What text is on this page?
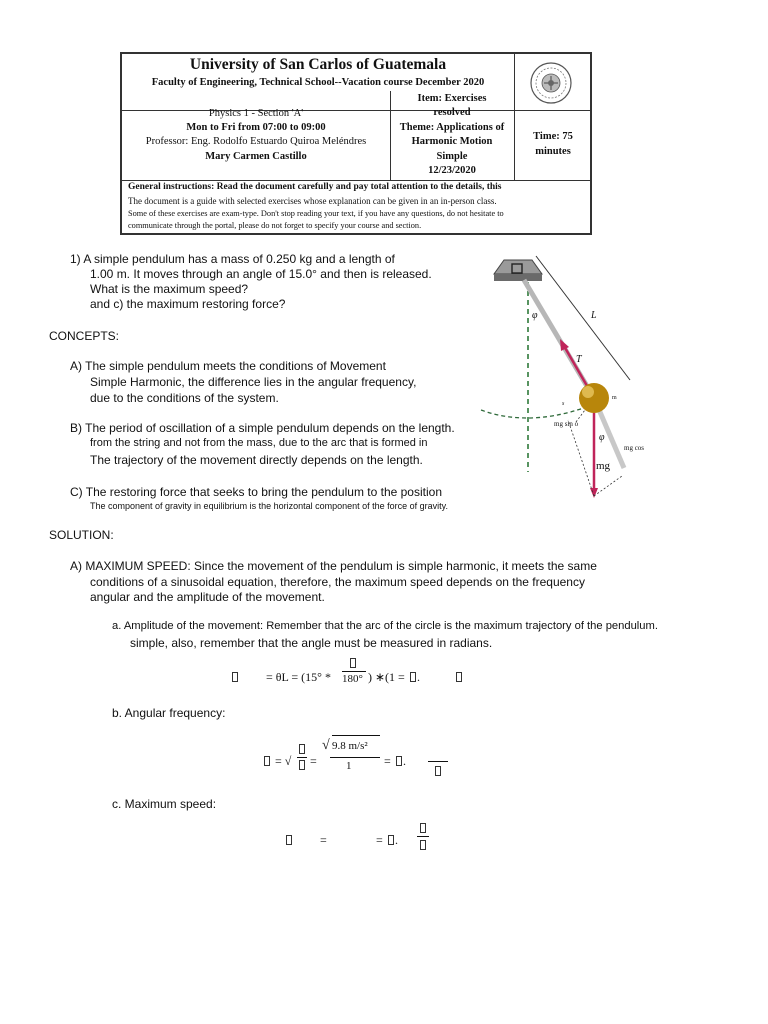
University of San Carlos of Guatemala
Faculty of Engineering, Technical School--Vacation course December 2020
Physics 1 - Section 'A'
Mon to Fri from 07:00 to 09:00
Professor: Eng. Rodolfo Estuardo Quiroa Meléndres
Mary Carmen Castillo
Item: Exercises
resolved
Theme: Applications of
Harmonic Motion
Simple
12/23/2020
Time: 75
minutes
General instructions: Read the document carefully and pay total attention to the details, this
The document is a guide with selected exercises whose explanation can be given in an in-person class.
Some of these exercises are exam-type. Don't stop reading your text, if you have any questions, do not hesitate to
communicate through the portal, please do not forget to specify your course and section.
1) A simple pendulum has a mass of 0.250 kg and a length of
1.00 m. It moves through an angle of 15.0° and then is released.
What is the maximum speed?
and c) the maximum restoring force?
CONCEPTS:
A) The simple pendulum meets the conditions of Movement
Simple Harmonic, the difference lies in the angular frequency,
due to the conditions of the system.
B) The period of oscillation of a simple pendulum depends on the length.
from the string and not from the mass, due to the arc that is formed in
The trajectory of the movement directly depends on the length.
C) The restoring force that seeks to bring the pendulum to the position
The component of gravity in equilibrium is the horizontal component of the force of gravity.
L
T
φ
φ
mg sin o
mg cos
mg
m
s
SOLUTION:
A) MAXIMUM SPEED: Since the movement of the pendulum is simple harmonic, it meets the same
conditions of a sinusoidal equation, therefore, the maximum speed depends on the frequency
angular and the amplitude of the movement.
a. Amplitude of the movement: Remember that the arc of the circle is the maximum trajectory of the pendulum.
simple, also, remember that the angle must be measured in radians.
= θL = (15° * 180° ) ∗(1 = .
b. Angular frequency:
= √ =
√ 9.8 m/s²
1	= .
c. Maximum speed:
=	= .
